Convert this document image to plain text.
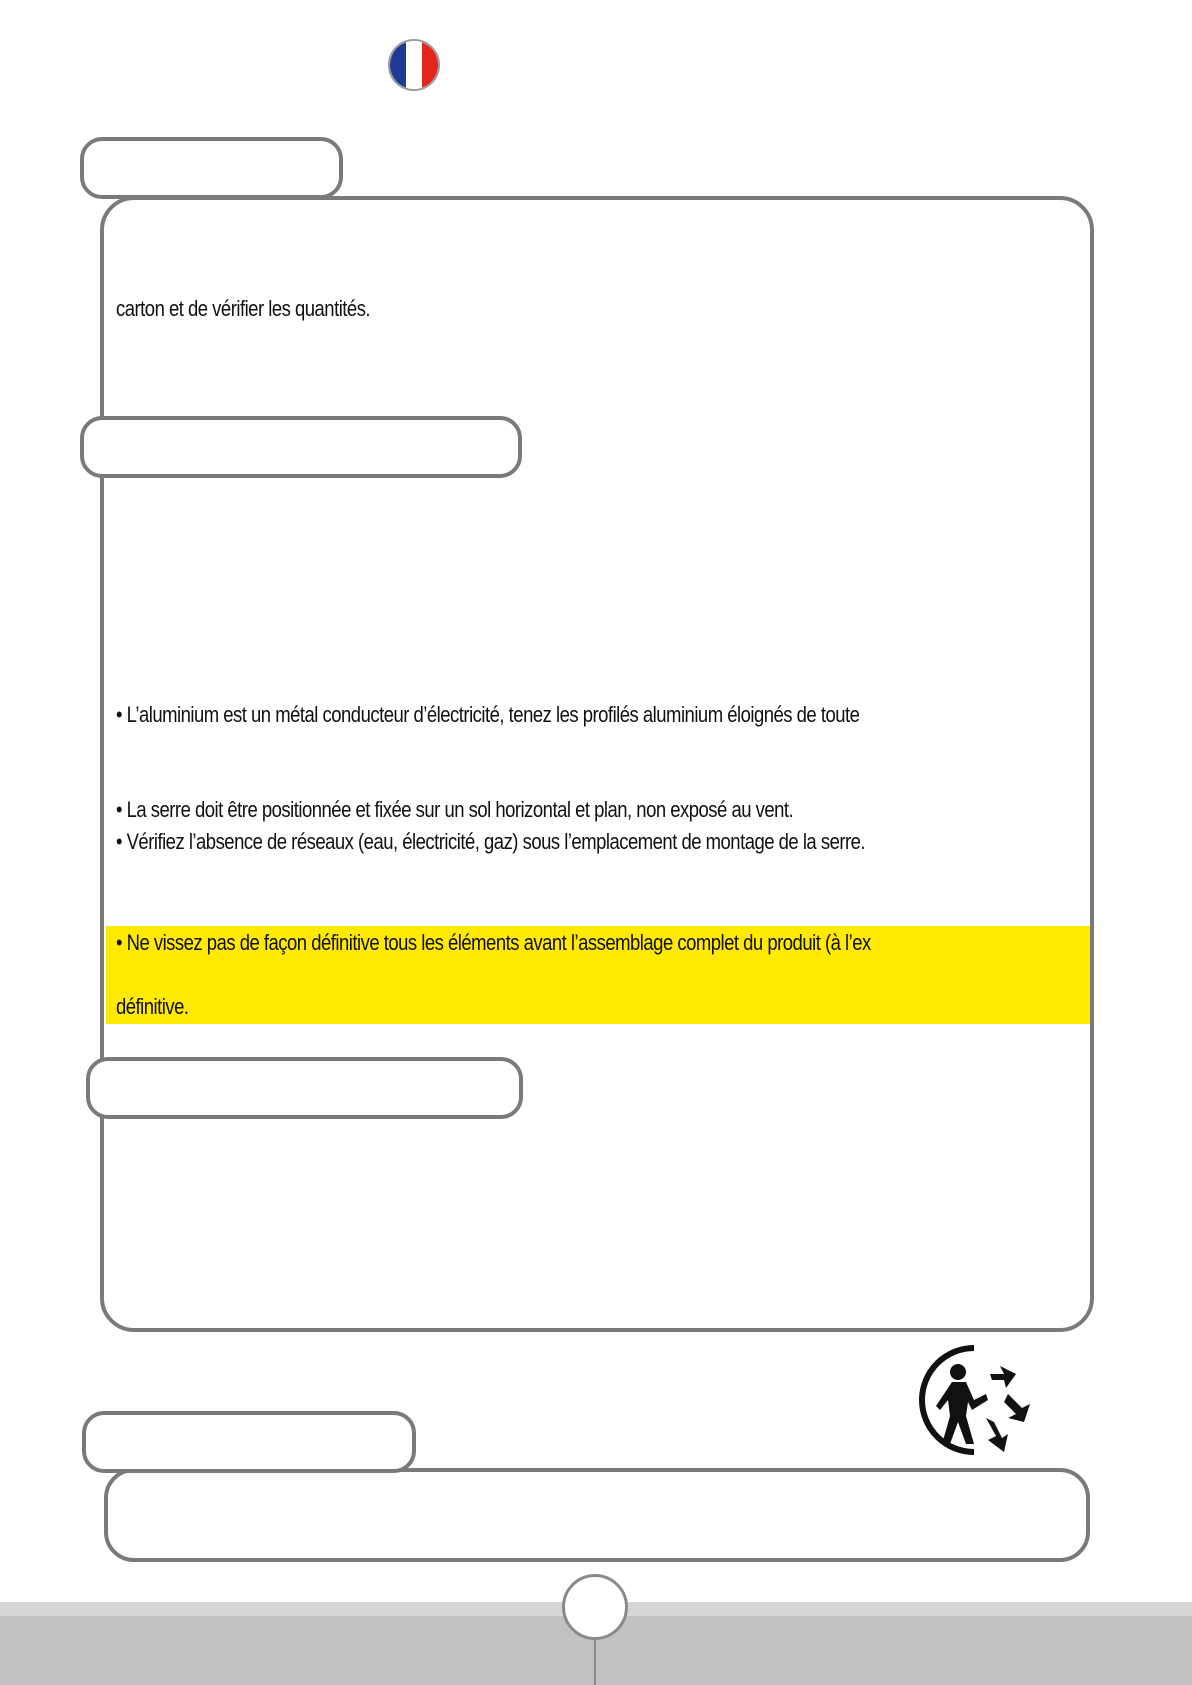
carton et de vérifier les quantités.
• L’aluminium est un métal conducteur d’électricité, tenez les profilés aluminium éloignés de toute
• La serre doit être positionnée et fixée sur un sol horizontal et plan, non exposé au vent.
• Vérifiez l’absence de réseaux (eau, électricité, gaz) sous l’emplacement de montage de la serre.
• Ne vissez pas de façon définitive tous les éléments avant l’assemblage complet du produit (à l’ex
définitive.
